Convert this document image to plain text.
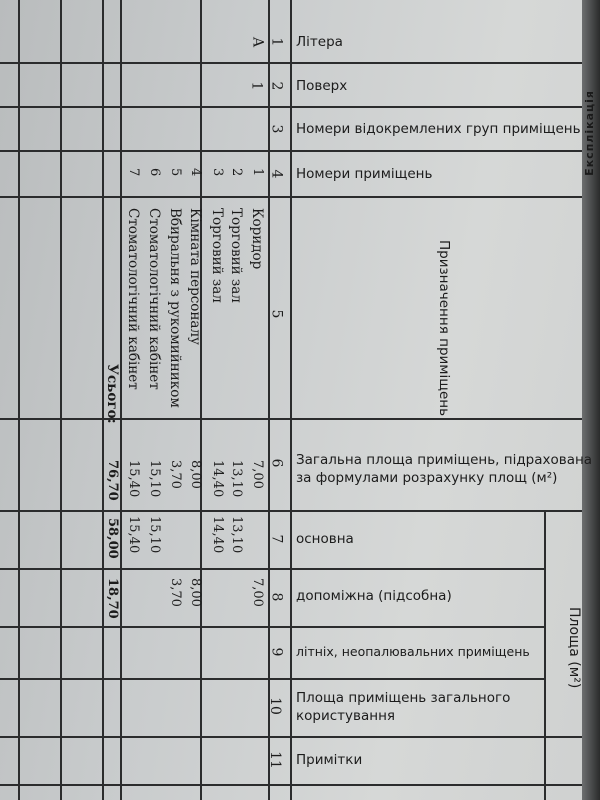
Експлікація
Літера
Поверх
Номери відокремлених груп приміщень
Номери приміщень
Призначення приміщень
Загальна площа приміщень, підрахована
за формулами розрахунку площ (м²)
основна
допоміжна (підсобна)
літніх, неопалювальних приміщень
Площа приміщень загального
користування
Примітки
Площа (м²)
1
2
3
4
5
6
7
8
9
10
11
А
1
1
Коридор
7,00
7,00
2
Торговий зал
13,10
13,10
3
Торговий зал
14,40
14,40
4
Кімната персоналу
8,00
8,00
5
Вбиральня з рукомийником
3,70
3,70
6
Стоматологічний кабінет
15,10
15,10
7
Стоматологічний кабінет
15,40
15,40
Усього:
76,70
58,00
18,70
